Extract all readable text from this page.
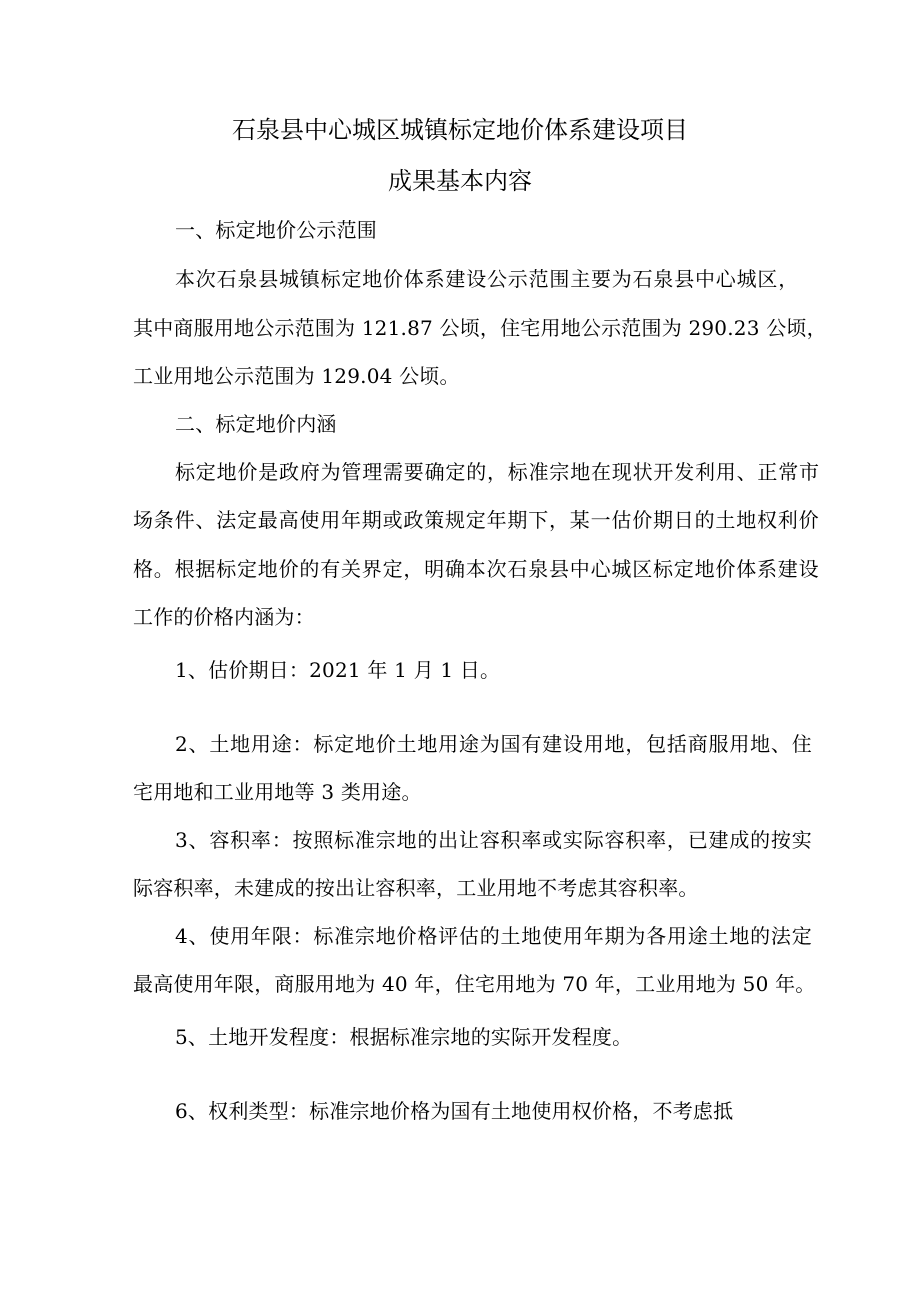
石泉县中心城区城镇标定地价体系建设项目
成果基本内容
一、标定地价公示范围
本次石泉县城镇标定地价体系建设公示范围主要为石泉县中心城区，
其中商服用地公示范围为 121.87 公顷，住宅用地公示范围为 290.23 公顷，
工业用地公示范围为 129.04 公顷。
二、标定地价内涵
标定地价是政府为管理需要确定的，标准宗地在现状开发利用、正常市
场条件、法定最高使用年期或政策规定年期下，某一估价期日的土地权利价
格。根据标定地价的有关界定，明确本次石泉县中心城区标定地价体系建设
工作的价格内涵为：
1、估价期日：2021 年 1 月 1 日。
2、土地用途：标定地价土地用途为国有建设用地，包括商服用地、住
宅用地和工业用地等 3 类用途。
3、容积率：按照标准宗地的出让容积率或实际容积率，已建成的按实
际容积率，未建成的按出让容积率，工业用地不考虑其容积率。
4、使用年限：标准宗地价格评估的土地使用年期为各用途土地的法定
最高使用年限，商服用地为 40 年，住宅用地为 70 年，工业用地为 50 年。
5、土地开发程度：根据标准宗地的实际开发程度。
6、权利类型：标准宗地价格为国有土地使用权价格，不考虑抵
